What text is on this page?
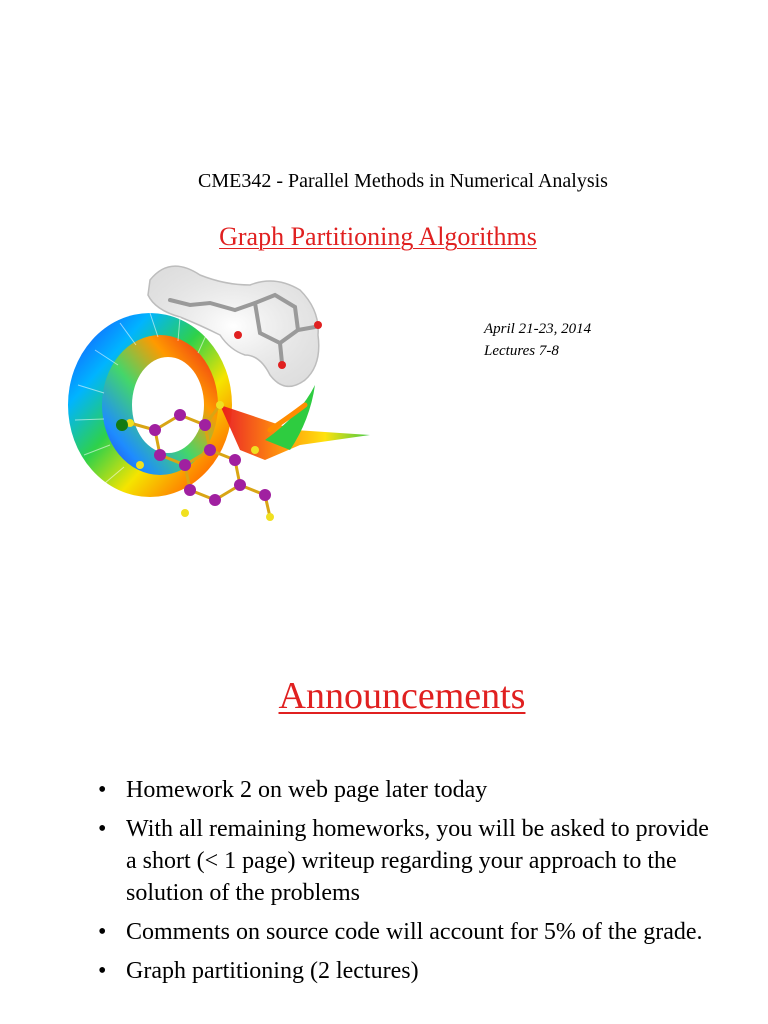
CME342 - Parallel Methods in Numerical Analysis
Graph Partitioning Algorithms
April 21-23, 2014
Lectures 7-8
Announcements
• Homework 2 on web page later today
• With all remaining homeworks, you will be asked to provide a short (< 1 page) writeup regarding your approach to the solution of the problems
• Comments on source code will account for 5% of the grade.
• Graph partitioning (2 lectures)
